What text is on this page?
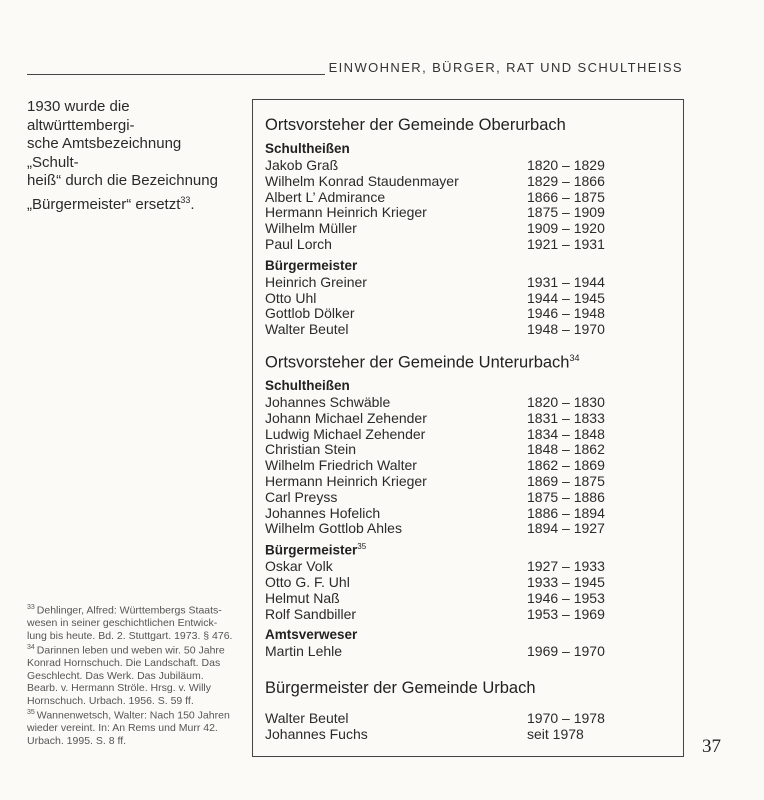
EINWOHNER, BÜRGER, RAT UND SCHULTHEISS
1930 wurde die altwürttembergi-
sche Amtsbezeichnung „Schult-
heiß“ durch die Bezeichnung
„Bürgermeister“ ersetzt$^{33}$.

$^{33}$ Dehlinger, Alfred: Württembergs Staats-

wesen in seiner geschichtlichen Entwick-

lung bis heute. Bd. 2. Stuttgart. 1973. § 476.

$^{34}$ Darinnen leben und weben wir. 50 Jahre

Konrad Hornschuch. Die Landschaft. Das

Geschlecht. Das Werk. Das Jubiläum.

Bearb. v. Hermann Ströle. Hrsg. v. Willy

Hornschuch. Urbach. 1956. S. 59 ff.

$^{35}$ Wannenwetsch, Walter: Nach 150 Jahren

wieder vereint. In: An Rems und Murr 42.

Urbach. 1995. S. 8 ff.

Ortsvorsteher der Gemeinde Oberurbach
Schultheißen
Jakob Graß	1820 – 1829
Wilhelm Konrad Staudenmayer	1829 – 1866
Albert L’ Admirance	1866 – 1875
Hermann Heinrich Krieger	1875 – 1909
Wilhelm Müller	1909 – 1920
Paul Lorch	1921 – 1931
Bürgermeister
Heinrich Greiner	1931 – 1944
Otto Uhl	1944 – 1945
Gottlob Dölker	1946 – 1948
Walter Beutel	1948 – 1970
Ortsvorsteher der Gemeinde Unterurbach$^{34}$
Schultheißen
Johannes Schwäble	1820 – 1830
Johann Michael Zehender	1831 – 1833
Ludwig Michael Zehender	1834 – 1848
Christian Stein	1848 – 1862
Wilhelm Friedrich Walter	1862 – 1869
Hermann Heinrich Krieger	1869 – 1875
Carl Preyss	1875 – 1886
Johannes Hofelich	1886 – 1894
Wilhelm Gottlob Ahles	1894 – 1927
Bürgermeister$^{35}$
Oskar Volk	1927 – 1933
Otto G. F. Uhl	1933 – 1945
Helmut Naß	1946 – 1953
Rolf Sandbiller	1953 – 1969
Amtsverweser
Martin Lehle	1969 – 1970
Bürgermeister der Gemeinde Urbach
Walter Beutel	1970 – 1978
Johannes Fuchs	seit 1978
37
